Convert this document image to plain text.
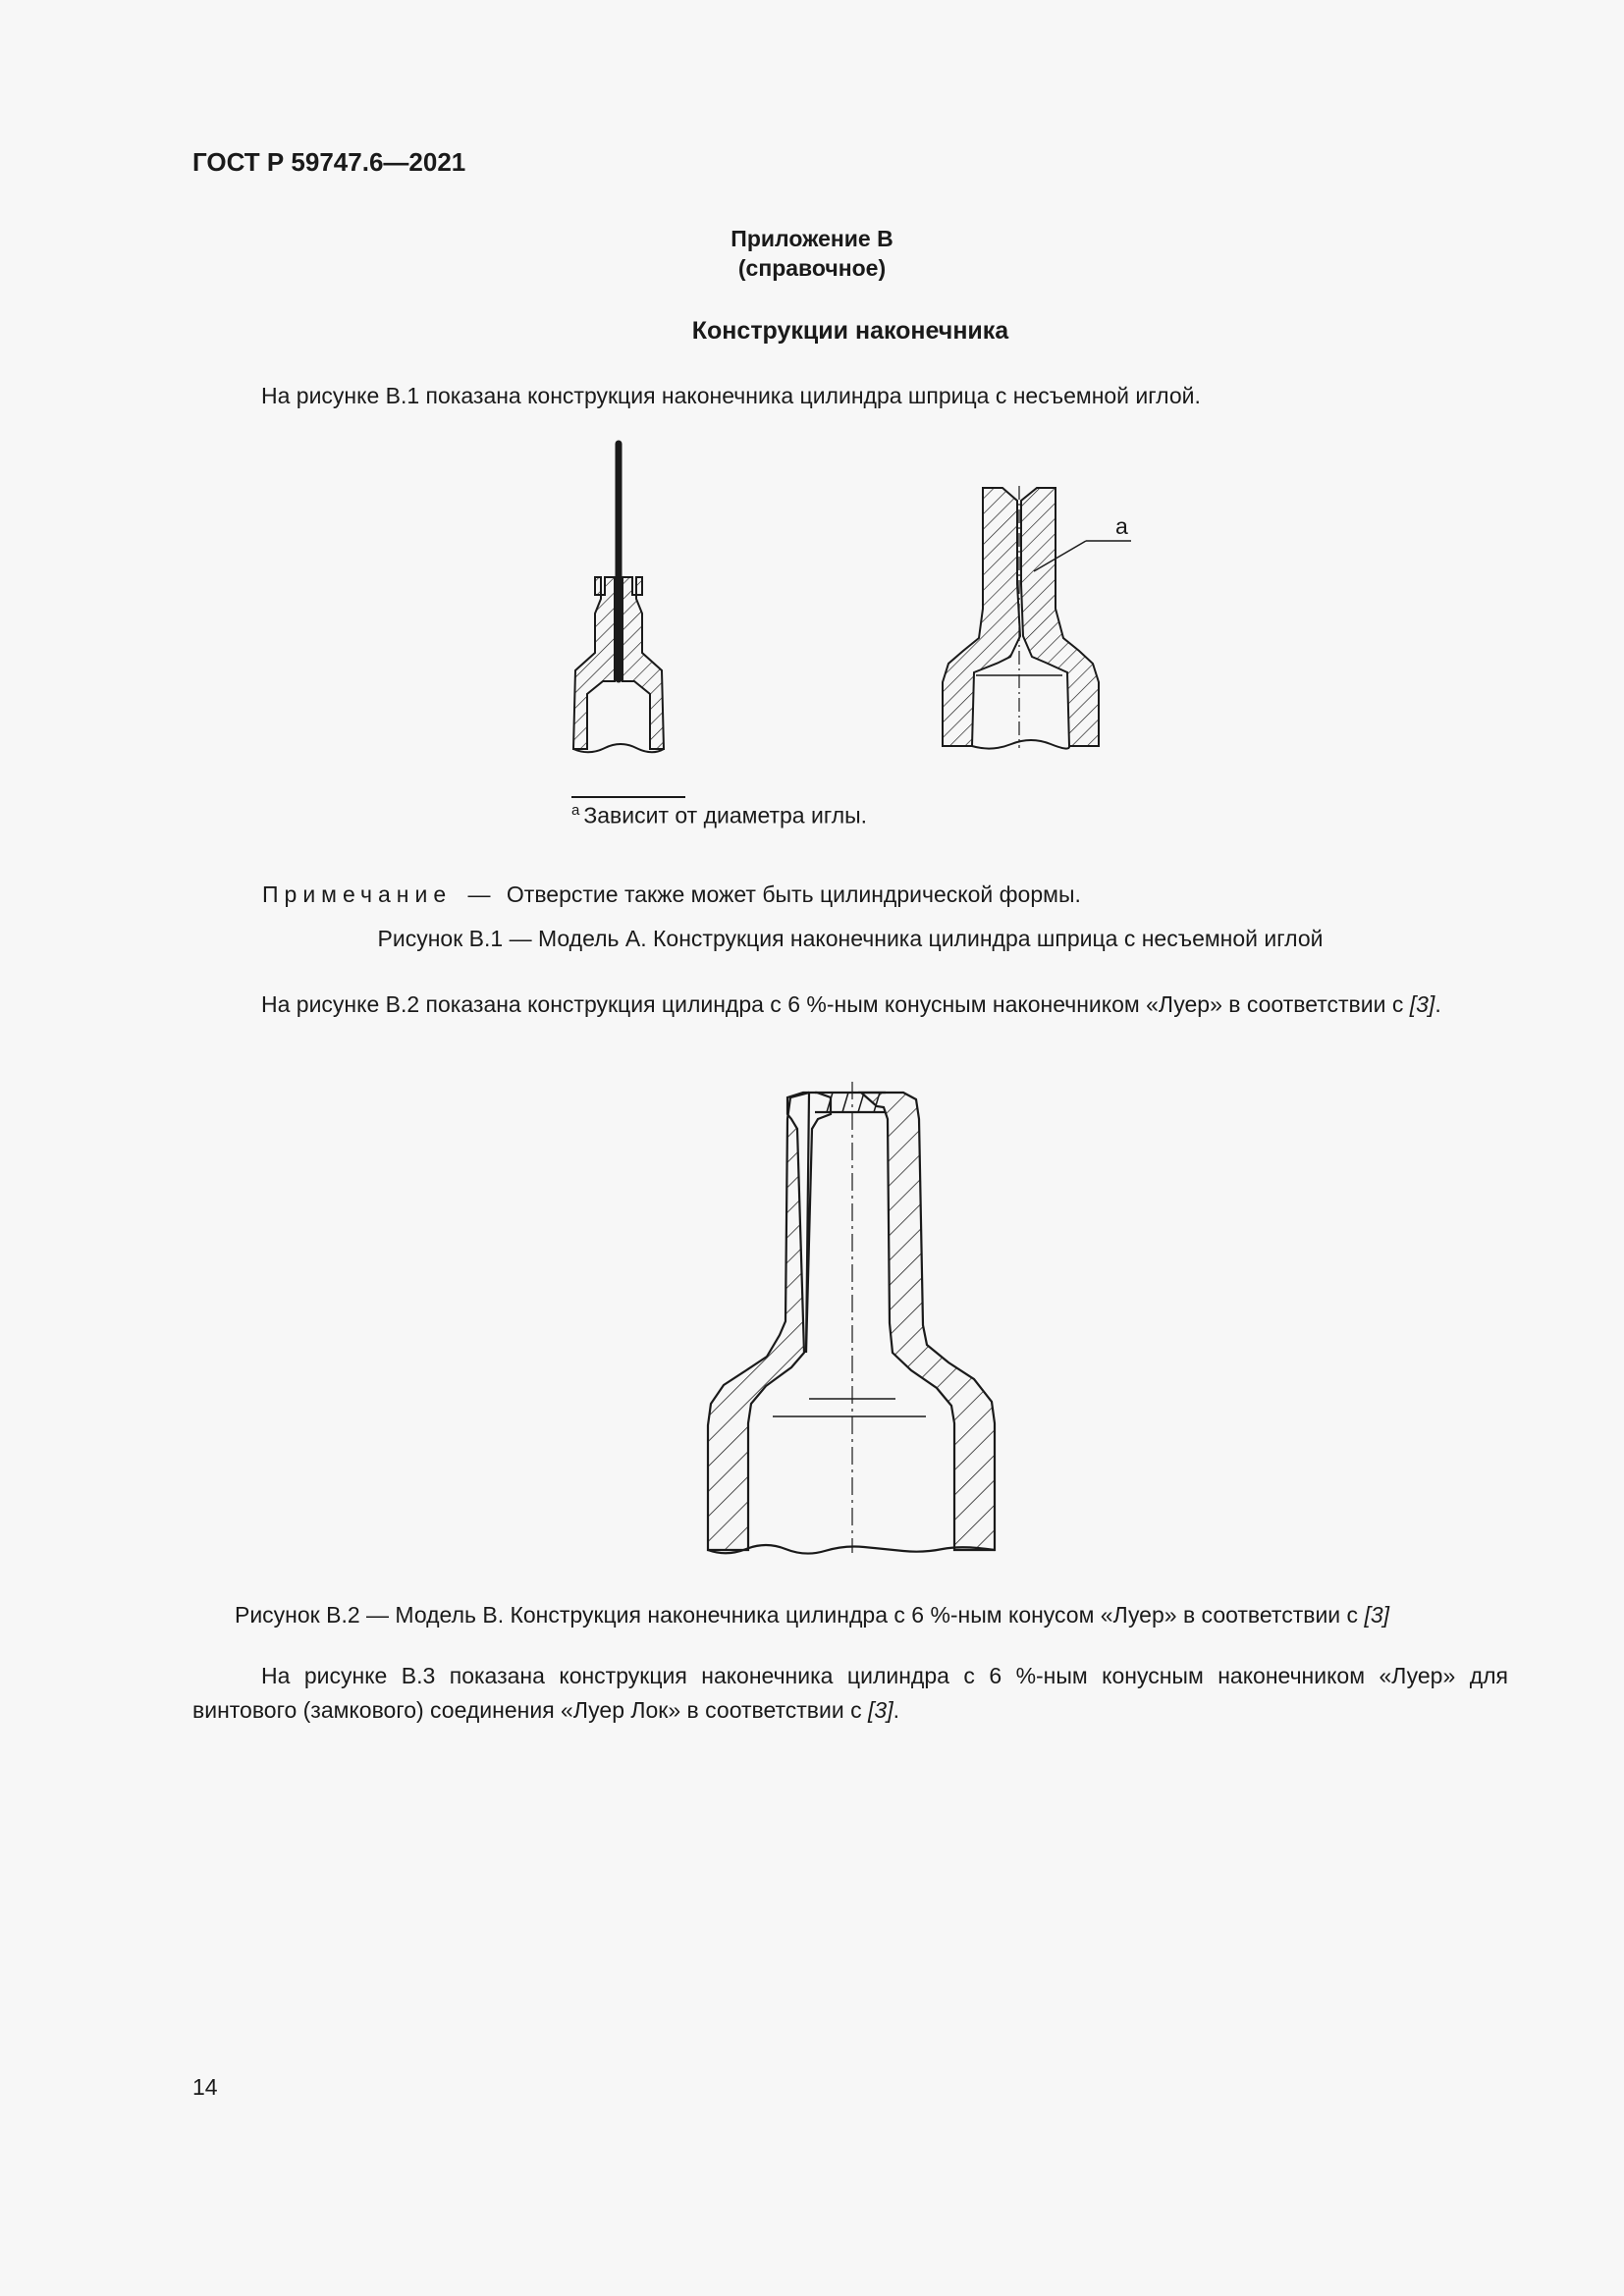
ГОСТ Р 59747.6—2021
Приложение В
(справочное)
Конструкции наконечника
На рисунке В.1 показана конструкция наконечника цилиндра шприца с несъемной иглой.
a
$^a$ Зависит от диаметра иглы.
Примечание — Отверстие также может быть цилиндрической формы.
Рисунок В.1 — Модель А. Конструкция наконечника цилиндра шприца с несъемной иглой
На рисунке В.2 показана конструкция цилиндра с 6 %-ным конусным наконечником «Луер» в соответствии с [3].
Рисунок В.2 — Модель В. Конструкция наконечника цилиндра с 6 %-ным конусом «Луер» в соответствии с [3]
На рисунке В.3 показана конструкция наконечника цилиндра с 6 %-ным конусным наконечником «Луер» для винтового (замкового) соединения «Луер Лок» в соответствии с [3].
14
